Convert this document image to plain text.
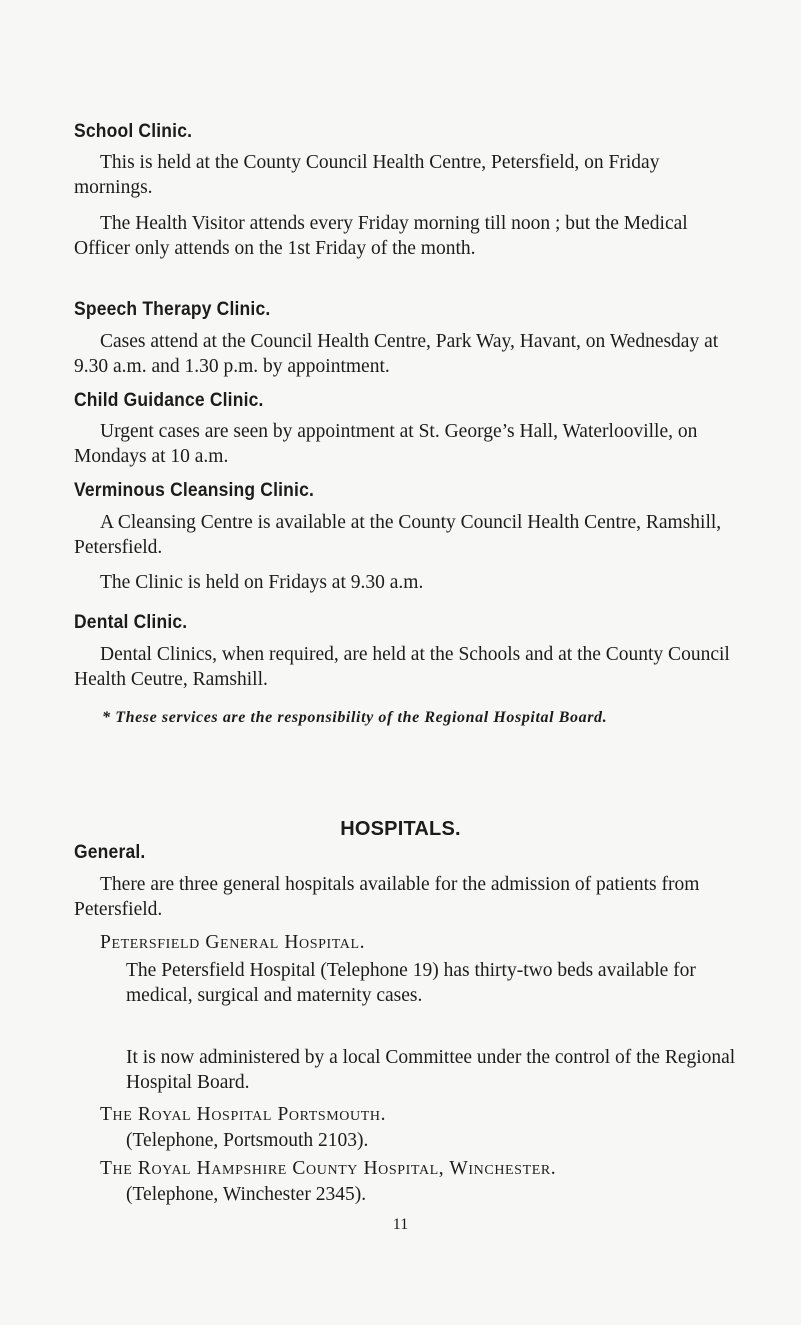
School Clinic.

This is held at the County Council Health Centre, Petersfield, on Friday mornings.

The Health Visitor attends every Friday morning till noon ; but the Medical Officer only attends on the 1st Friday of the month.

Speech Therapy Clinic.

Cases attend at the Council Health Centre, Park Way, Havant, on Wednesday at 9.30 a.m. and 1.30 p.m. by appointment.

Child Guidance Clinic.

Urgent cases are seen by appointment at St. George’s Hall, Waterlooville, on Mondays at 10 a.m.

Verminous Cleansing Clinic.

A Cleansing Centre is available at the County Council Health Centre, Ramshill, Petersfield.

The Clinic is held on Fridays at 9.30 a.m.

Dental Clinic.

Dental Clinics, when required, are held at the Schools and at the County Council Health Ceutre, Ramshill.

* These services are the responsibility of the Regional Hospital Board.
HOSPITALS.
General.

There are three general hospitals available for the admission of patients from Petersfield.

Petersfield General Hospital.

The Petersfield Hospital (Telephone 19) has thirty-two beds available for medical, surgical and maternity cases.

It is now administered by a local Committee under the control of the Regional Hospital Board.

The Royal Hospital Portsmouth.

(Telephone, Portsmouth 2103).

The Royal Hampshire County Hospital, Winchester.

(Telephone, Winchester 2345).

11
